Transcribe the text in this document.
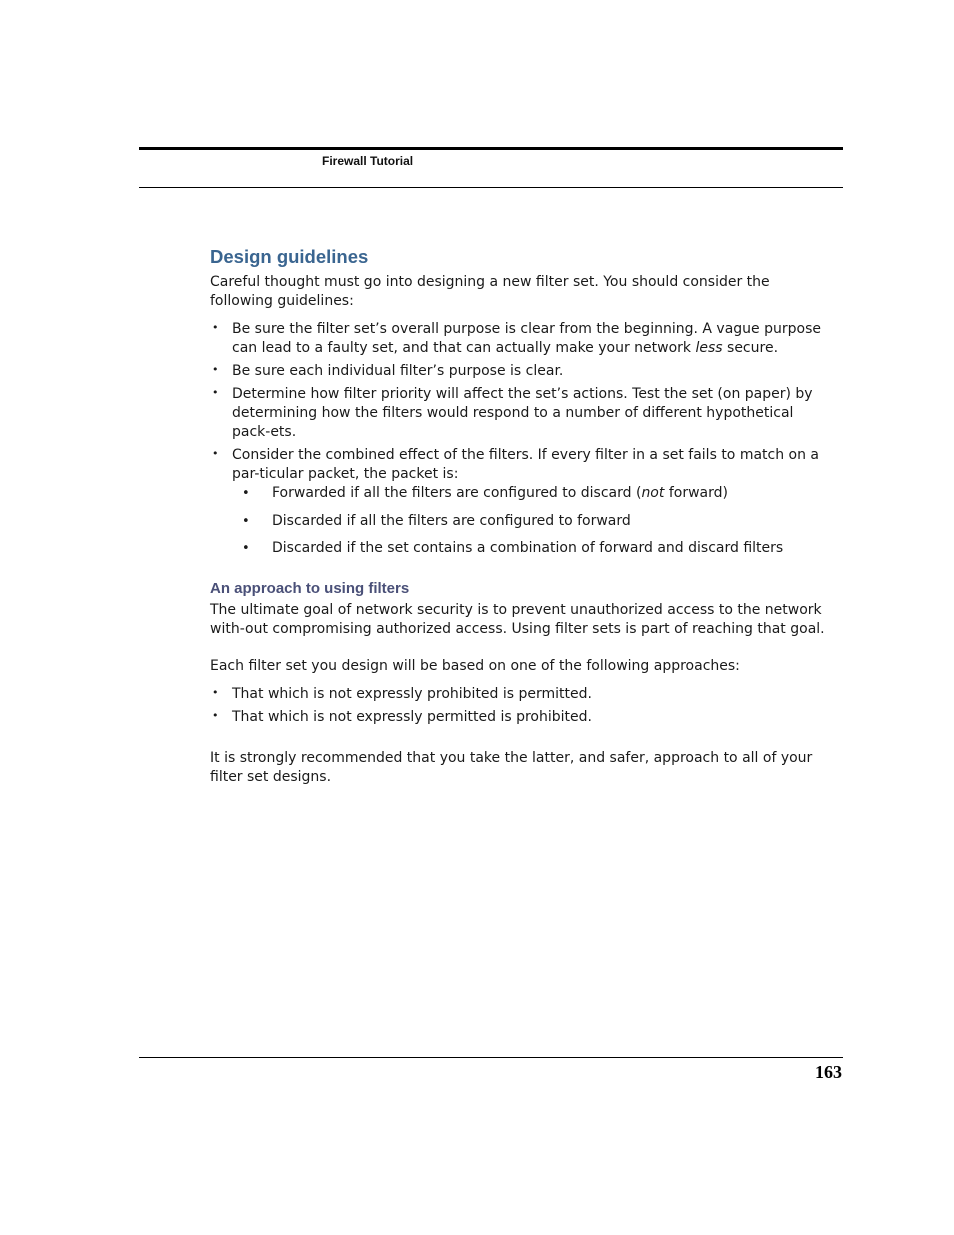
Firewall Tutorial
Design guidelines

Careful thought must go into designing a new filter set. You should consider the following guidelines:

• Be sure the filter set’s overall purpose is clear from the beginning. A vague purpose can lead to a faulty set, and that can actually make your network less secure.
• Be sure each individual filter’s purpose is clear.
• Determine how filter priority will affect the set’s actions. Test the set (on paper) by determining how the filters would respond to a number of different hypothetical pack-ets.
• Consider the combined effect of the filters. If every filter in a set fails to match on a par-ticular packet, the packet is:
• Forwarded if all the filters are configured to discard (not forward)
• Discarded if all the filters are configured to forward
• Discarded if the set contains a combination of forward and discard filters
An approach to using filters

The ultimate goal of network security is to prevent unauthorized access to the network with-out compromising authorized access. Using filter sets is part of reaching that goal.

Each filter set you design will be based on one of the following approaches:

• That which is not expressly prohibited is permitted.
• That which is not expressly permitted is prohibited.

It is strongly recommended that you take the latter, and safer, approach to all of your filter set designs.

163
